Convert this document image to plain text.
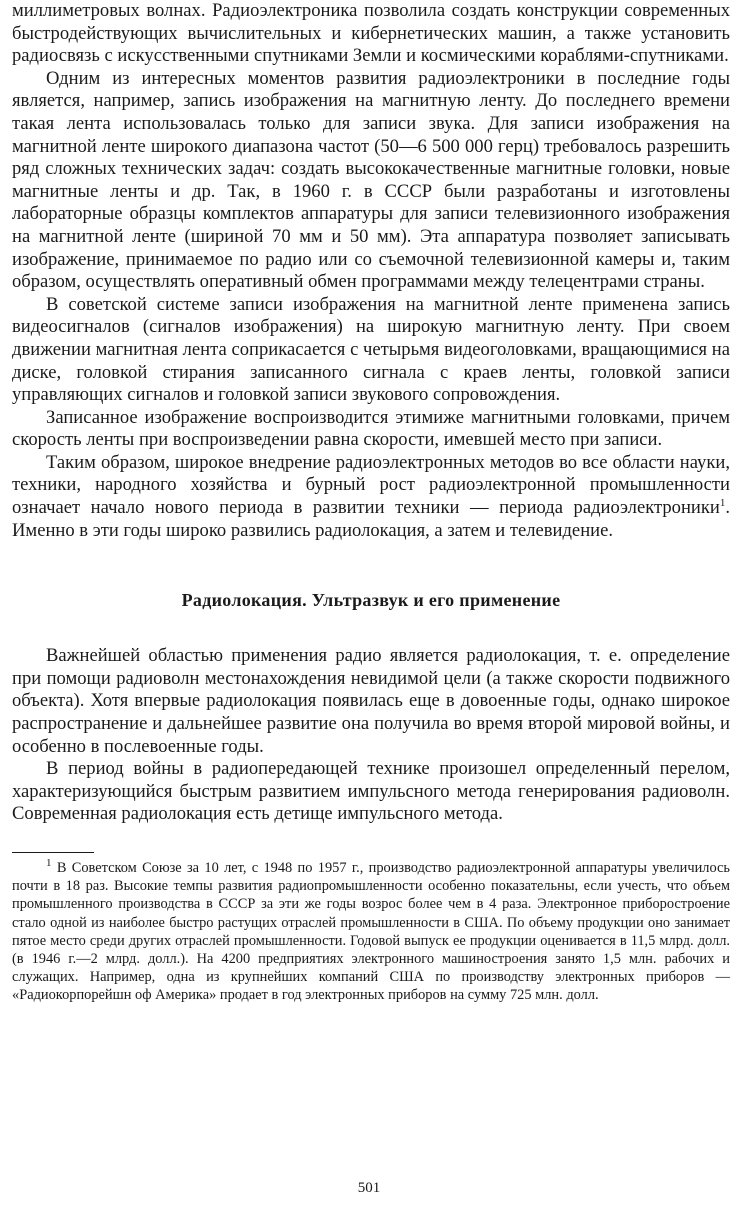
миллиметровых волнах. Радиоэлектроника позволила создать конструкции современных быстродействующих вычислительных и кибернетических машин, а также установить радиосвязь с искусственными спутниками Земли и космическими кораблями-спутниками.

Одним из интересных моментов развития радиоэлектроники в последние годы является, например, запись изображения на магнитную ленту. До последнего времени такая лента использовалась только для записи звука. Для записи изображения на магнитной ленте широкого диапазона частот (50—6 500 000 герц) требовалось разрешить ряд сложных технических задач: создать высококачественные магнитные головки, новые магнитные ленты и др. Так, в 1960 г. в СССР были разработаны и изготовлены лабораторные образцы комплектов аппаратуры для записи телевизионного изображения на магнитной ленте (шириной 70 мм и 50 мм). Эта аппаратура позволяет записывать изображение, принимаемое по радио или со съемочной телевизионной камеры и, таким образом, осуществлять оперативный обмен программами между телецентрами страны.

В советской системе записи изображения на магнитной ленте применена запись видеосигналов (сигналов изображения) на широкую магнитную ленту. При своем движении магнитная лента соприкасается с четырьмя видеоголовками, вращающимися на диске, головкой стирания записанного сигнала с краев ленты, головкой записи управляющих сигналов и головкой записи звукового сопровождения.

Записанное изображение воспроизводится этимиже магнитными головками, причем скорость ленты при воспроизведении равна скорости, имевшей место при записи.

Таким образом, широкое внедрение радиоэлектронных методов во все области науки, техники, народного хозяйства и бурный рост радиоэлектронной промышленности означает начало нового периода в развитии техники — периода радиоэлектроники$^1$. Именно в эти годы широко развились радиолокация, а затем и телевидение.

Радиолокация. Ультразвук и его применение

Важнейшей областью применения радио является радиолокация, т. е. определение при помощи радиоволн местонахождения невидимой цели (а также скорости подвижного объекта). Хотя впервые радиолокация появилась еще в довоенные годы, однако широкое распространение и дальнейшее развитие она получила во время второй мировой войны, и особенно в послевоенные годы.

В период войны в радиопередающей технике произошел определенный перелом, характеризующийся быстрым развитием импульсного метода генерирования радиоволн. Современная радиолокация есть детище импульсного метода.

$^1$ В Советском Союзе за 10 лет, с 1948 по 1957 г., производство радиоэлектронной аппаратуры увеличилось почти в 18 раз. Высокие темпы развития радиопромышленности особенно показательны, если учесть, что объем промышленного производства в СССР за эти же годы возрос более чем в 4 раза. Электронное приборостроение стало одной из наиболее быстро растущих отраслей промышленности в США. По объему продукции оно занимает пятое место среди других отраслей промышленности. Годовой выпуск ее продукции оценивается в 11,5 млрд. долл. (в 1946 г.—2 млрд. долл.). На 4200 предприятиях электронного машиностроения занято 1,5 млн. рабочих и служащих. Например, одна из крупнейших компаний США по производству электронных приборов — «Радиокорпорейшн оф Америка» продает в год электронных приборов на сумму 725 млн. долл.

501
